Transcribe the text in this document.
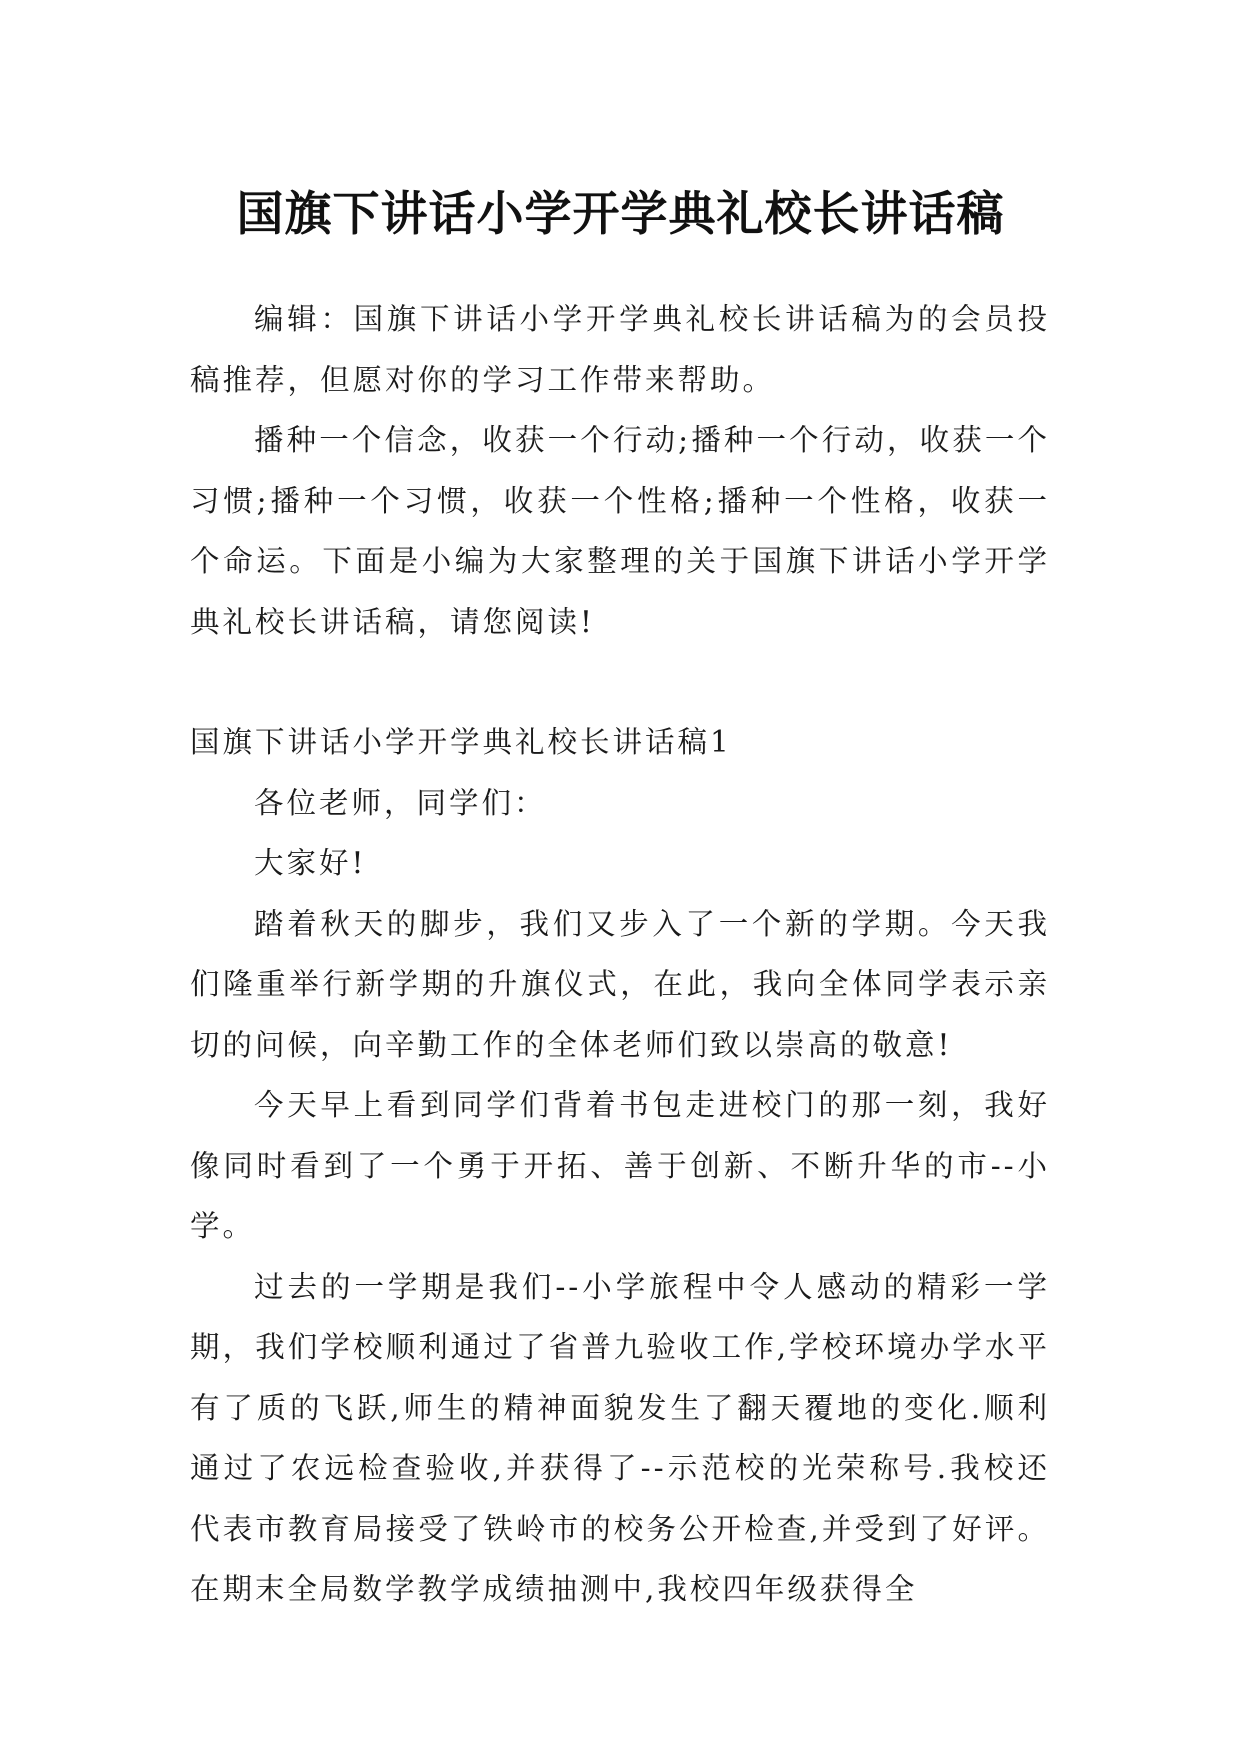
国旗下讲话小学开学典礼校长讲话稿

编辑：国旗下讲话小学开学典礼校长讲话稿为的会员投稿推荐，但愿对你的学习工作带来帮助。

播种一个信念，收获一个行动;播种一个行动，收获一个习惯;播种一个习惯，收获一个性格;播种一个性格，收获一个命运。下面是小编为大家整理的关于国旗下讲话小学开学典礼校长讲话稿，请您阅读!

国旗下讲话小学开学典礼校长讲话稿1

各位老师，同学们：

大家好!

踏着秋天的脚步，我们又步入了一个新的学期。今天我们隆重举行新学期的升旗仪式，在此，我向全体同学表示亲切的问候，向辛勤工作的全体老师们致以崇高的敬意!

今天早上看到同学们背着书包走进校门的那一刻，我好像同时看到了一个勇于开拓、善于创新、不断升华的市--小学。

过去的一学期是我们--小学旅程中令人感动的精彩一学期，我们学校顺利通过了省普九验收工作,学校环境办学水平有了质的飞跃,师生的精神面貌发生了翻天覆地的变化.顺利通过了农远检查验收,并获得了--示范校的光荣称号.我校还代表市教育局接受了铁岭市的校务公开检查,并受到了好评。在期末全局数学教学成绩抽测中,我校四年级获得全
